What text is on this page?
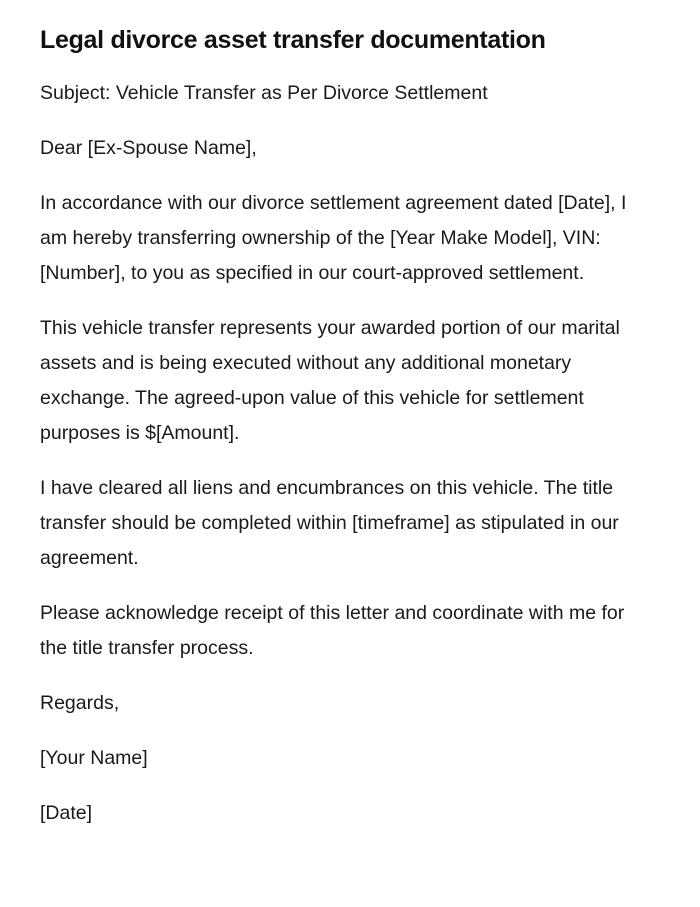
Legal divorce asset transfer documentation

Subject: Vehicle Transfer as Per Divorce Settlement

Dear [Ex-Spouse Name],

In accordance with our divorce settlement agreement dated [Date], I am hereby transferring ownership of the [Year Make Model], VIN: [Number], to you as specified in our court-approved settlement.

This vehicle transfer represents your awarded portion of our marital assets and is being executed without any additional monetary exchange. The agreed-upon value of this vehicle for settlement purposes is $[Amount].

I have cleared all liens and encumbrances on this vehicle. The title transfer should be completed within [timeframe] as stipulated in our agreement.

Please acknowledge receipt of this letter and coordinate with me for the title transfer process.

Regards,

[Your Name]

[Date]
